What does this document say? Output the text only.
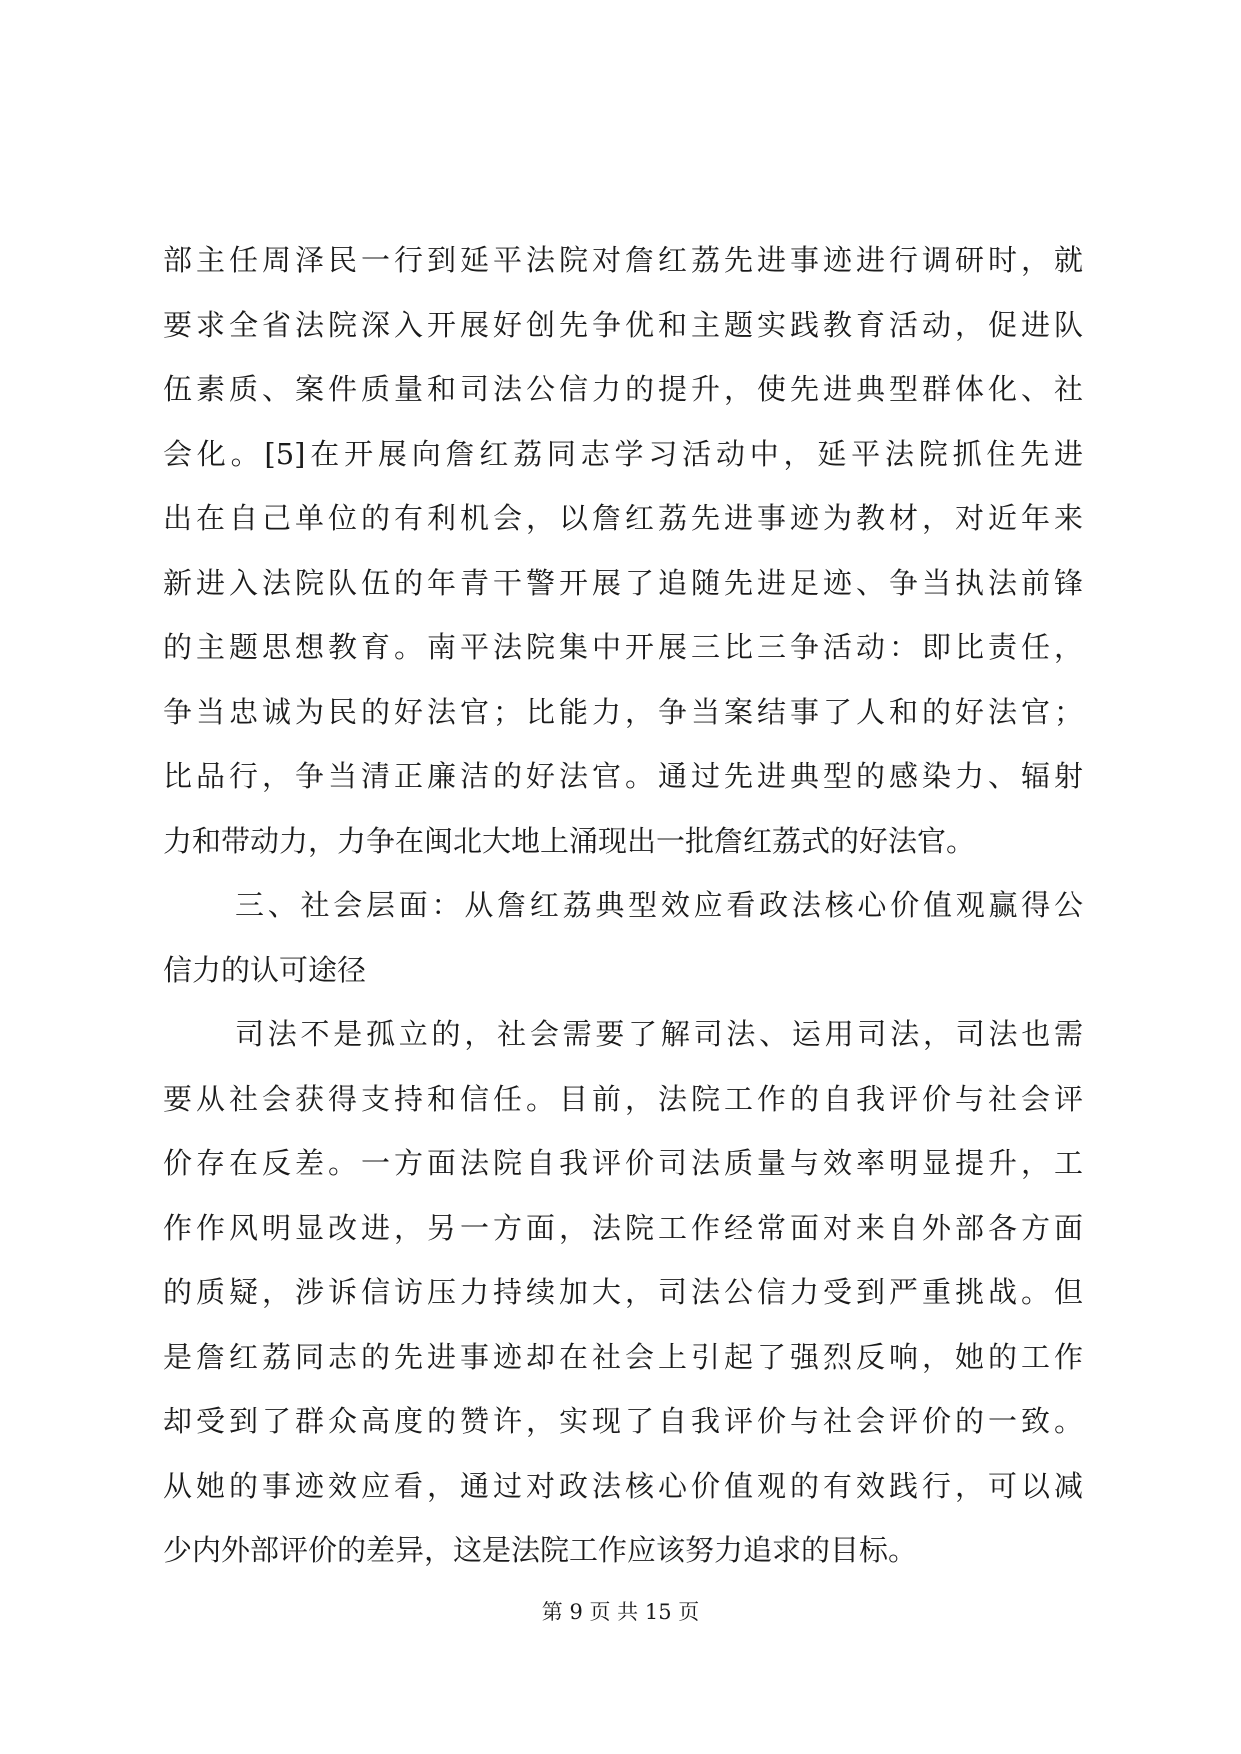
部主任周泽民一行到延平法院对詹红荔先进事迹进行调研时，就
要求全省法院深入开展好创先争优和主题实践教育活动，促进队
伍素质、案件质量和司法公信力的提升，使先进典型群体化、社
会化。[5]在开展向詹红荔同志学习活动中，延平法院抓住先进
出在自己单位的有利机会，以詹红荔先进事迹为教材，对近年来
新进入法院队伍的年青干警开展了追随先进足迹、争当执法前锋
的主题思想教育。南平法院集中开展三比三争活动：即比责任，
争当忠诚为民的好法官；比能力，争当案结事了人和的好法官；
比品行，争当清正廉洁的好法官。通过先进典型的感染力、辐射
力和带动力，力争在闽北大地上涌现出一批詹红荔式的好法官。
三、社会层面：从詹红荔典型效应看政法核心价值观赢得公
信力的认可途径
司法不是孤立的，社会需要了解司法、运用司法，司法也需
要从社会获得支持和信任。目前，法院工作的自我评价与社会评
价存在反差。一方面法院自我评价司法质量与效率明显提升，工
作作风明显改进，另一方面，法院工作经常面对来自外部各方面
的质疑，涉诉信访压力持续加大，司法公信力受到严重挑战。但
是詹红荔同志的先进事迹却在社会上引起了强烈反响，她的工作
却受到了群众高度的赞许，实现了自我评价与社会评价的一致。
从她的事迹效应看，通过对政法核心价值观的有效践行，可以减
少内外部评价的差异，这是法院工作应该努力追求的目标。
第 9 页 共 15 页
